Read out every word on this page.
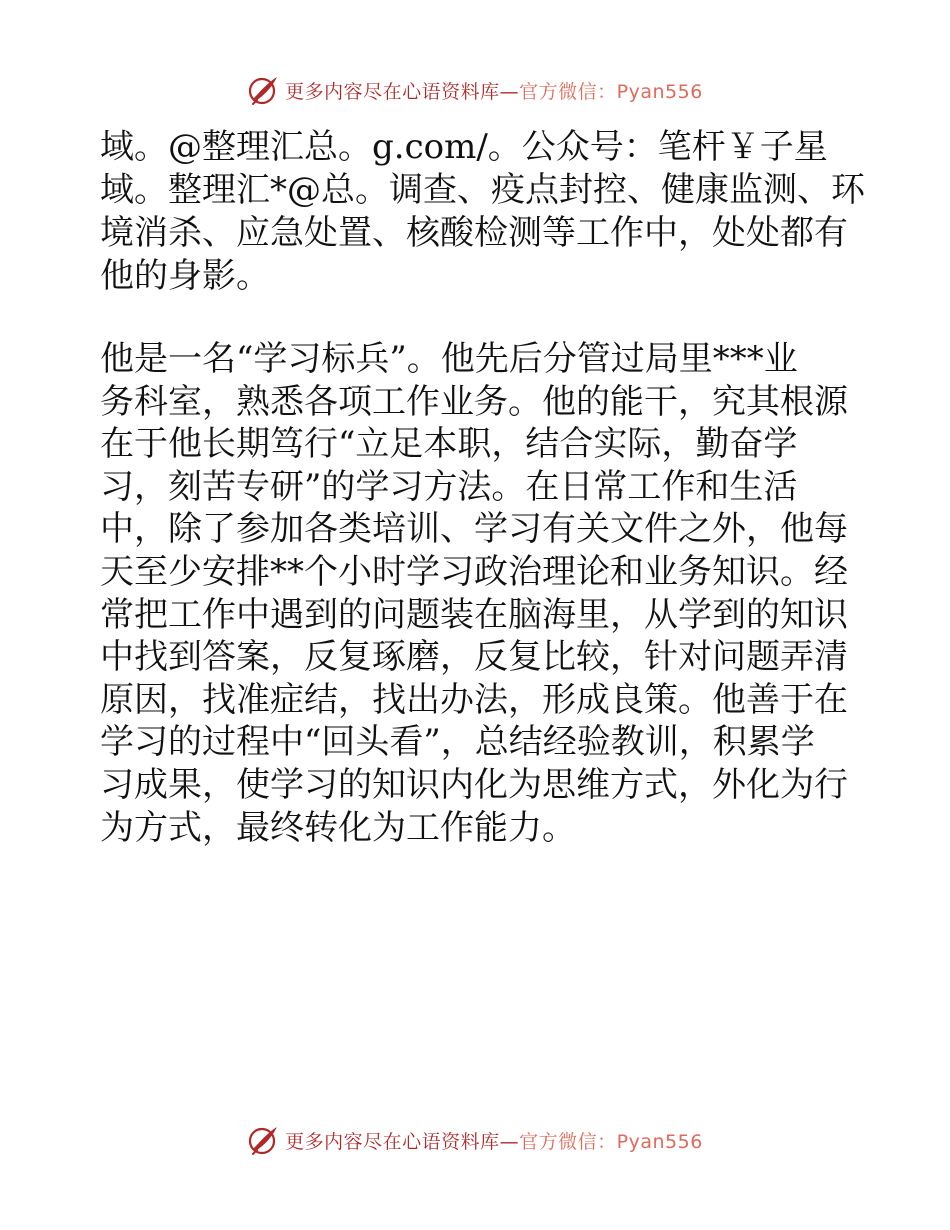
更多内容尽在心语资料库—官方微信：Pyan556

域。@整理汇总。g.com/。公众号：笔杆￥子星
域。整理汇*@总。调查、疫点封控、健康监测、环
境消杀、应急处置、核酸检测等工作中，处处都有
他的身影。

他是一名“学习标兵”。他先后分管过局里***业
务科室，熟悉各项工作业务。他的能干，究其根源
在于他长期笃行“立足本职，结合实际，勤奋学
习，刻苦专研”的学习方法。在日常工作和生活
中，除了参加各类培训、学习有关文件之外，他每
天至少安排**个小时学习政治理论和业务知识。经
常把工作中遇到的问题装在脑海里，从学到的知识
中找到答案，反复琢磨，反复比较，针对问题弄清
原因，找准症结，找出办法，形成良策。他善于在
学习的过程中“回头看”，总结经验教训，积累学
习成果，使学习的知识内化为思维方式，外化为行
为方式，最终转化为工作能力。

更多内容尽在心语资料库—官方微信：Pyan556
